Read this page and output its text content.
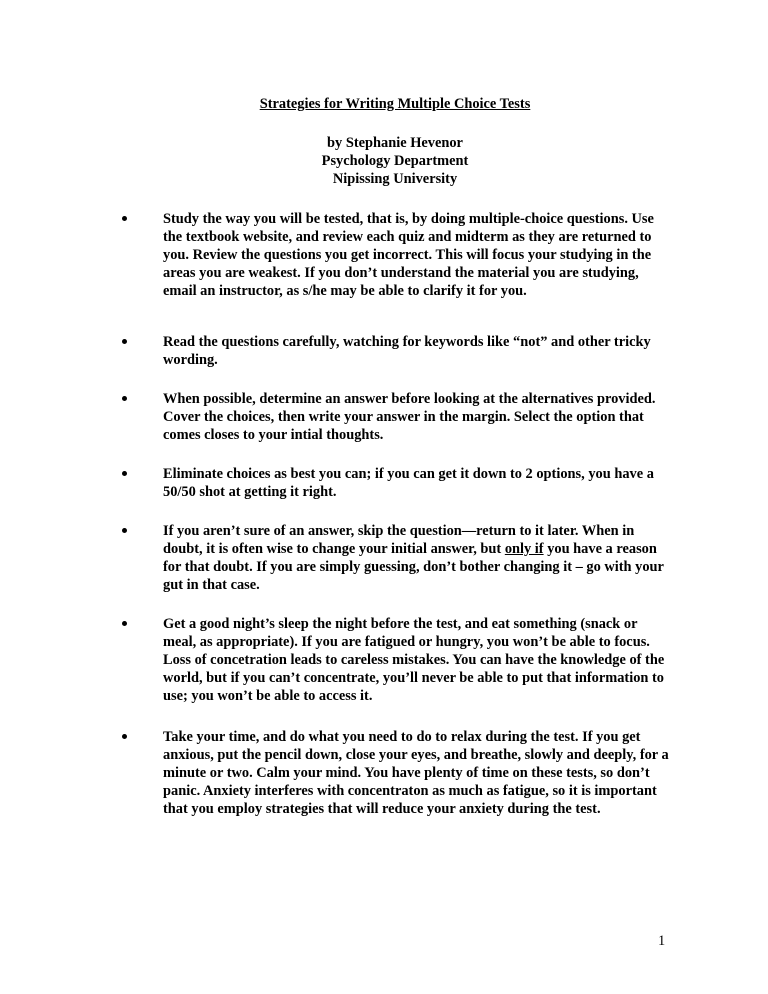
Strategies for Writing Multiple Choice Tests
by Stephanie Hevenor
Psychology Department
Nipissing University

Study the way you will be tested, that is, by doing multiple-choice questions. Use the textbook website, and review each quiz and midterm as they are returned to you. Review the questions you get incorrect. This will focus your studying in the areas you are weakest. If you don’t understand the material you are studying, email an instructor, as s/he may be able to clarify it for you.

Read the questions carefully, watching for keywords like “not” and other tricky wording.

When possible, determine an answer before looking at the alternatives provided. Cover the choices, then write your answer in the margin. Select the option that comes closes to your intial thoughts.

Eliminate choices as best you can; if you can get it down to 2 options, you have a 50/50 shot at getting it right.

If you aren’t sure of an answer, skip the question—return to it later. When in doubt, it is often wise to change your initial answer, but only if you have a reason for that doubt. If you are simply guessing, don’t bother changing it – go with your gut in that case.

Get a good night’s sleep the night before the test, and eat something (snack or meal, as appropriate). If you are fatigued or hungry, you won’t be able to focus. Loss of concetration leads to careless mistakes. You can have the knowledge of the world, but if you can’t concentrate, you’ll never be able to put that information to use; you won’t be able to access it.

Take your time, and do what you need to do to relax during the test. If you get anxious, put the pencil down, close your eyes, and breathe, slowly and deeply, for a minute or two. Calm your mind. You have plenty of time on these tests, so don’t panic. Anxiety interferes with concentraton as much as fatigue, so it is important that you employ strategies that will reduce your anxiety during the test.

1
